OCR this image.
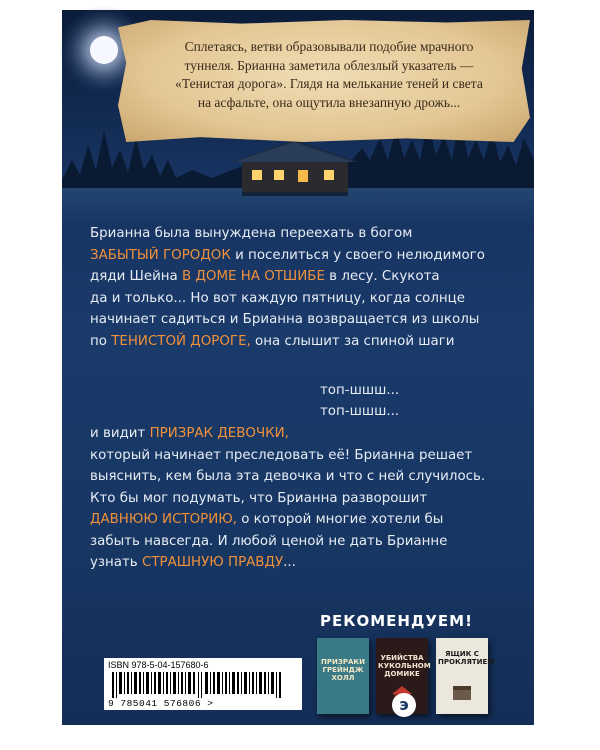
Сплетаясь, ветви образовывали подобие мрачного
туннеля. Брианна заметила облезлый указатель —
«Тенистая дорога». Глядя на мелькание теней и света
на асфальте, она ощутила внезапную дрожь...
Брианна была вынуждена переехать в богом
ЗАБЫТЫЙ ГОРОДОК и поселиться у своего нелюдимого
дяди Шейна В ДОМЕ НА ОТШИБЕ в лесу. Скукота
да и только... Но вот каждую пятницу, когда солнце
начинает садиться и Брианна возвращается из школы
по ТЕНИСТОЙ ДОРОГЕ, она слышит за спиной шаги
топ-шшш...
топ-шшш...
и видит ПРИЗРАК ДЕВОЧКИ,
который начинает преследовать её! Брианна решает
выяснить, кем была эта девочка и что с ней случилось.
Кто бы мог подумать, что Брианна разворошит
ДАВНЮЮ ИСТОРИЮ, о которой многие хотели бы
забыть навсегда. И любой ценой не дать Брианне
узнать СТРАШНУЮ ПРАВДУ...
РЕКОМЕНДУЕМ!
ПРИЗРАКИ ГРЕЙНДЖ ХОЛЛ
УБИЙСТВА КУКОЛЬНОМ ДОМИКЕ
ЯЩИК С ПРОКЛЯТИЕМ
э
ISBN 978-5-04-157680-6
9 785041 576806 >
